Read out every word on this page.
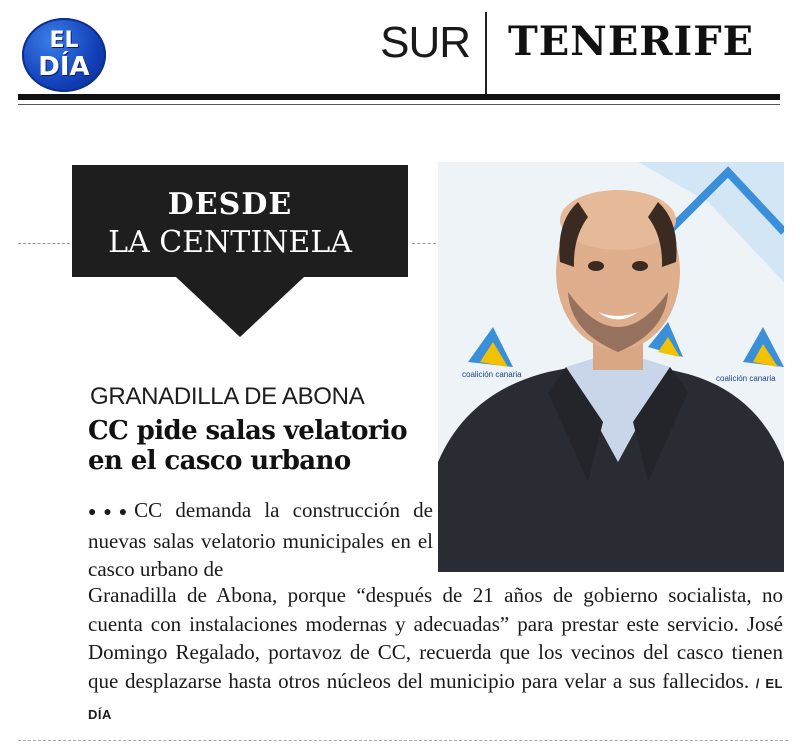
EL
DÍA	SUR TENERIFE
DESDE
LA CENTINELA
GRANADILLA DE ABONA
CC pide salas velatorio
en el casco urbano
●●●CC demanda la construcción de nuevas salas velatorio municipales en el casco urbano de
Granadilla de Abona, porque “después de 21 años de gobierno socialista, no cuenta con instalaciones modernas y adecuadas” para prestar este servicio. José Domingo Regalado, portavoz de CC, recuerda que los vecinos del casco tienen que desplazarse hasta otros núcleos del municipio para velar a sus fallecidos. / EL DÍA
coalición canaria	coalición canaria
